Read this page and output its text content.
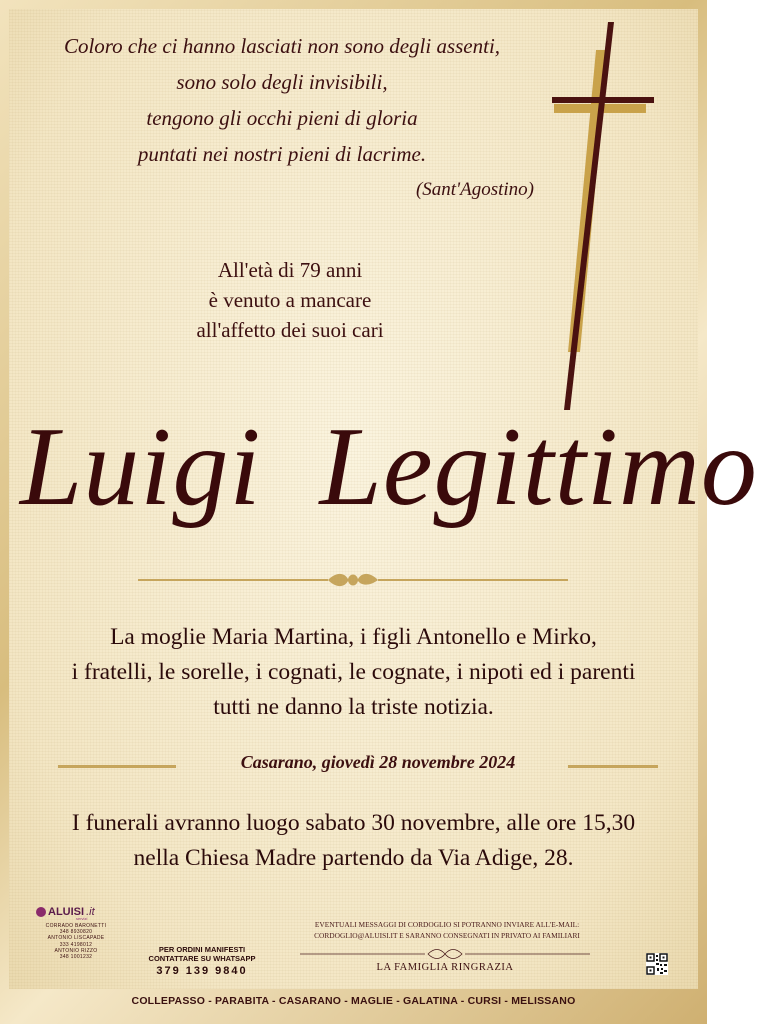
Coloro che ci hanno lasciati non sono degli assenti,
sono solo degli invisibili,
tengono gli occhi pieni di gloria
puntati nei nostri pieni di lacrime.
(Sant'Agostino)
All'età di 79 anni
è venuto a mancare
all'affetto dei suoi cari
Luigi Legittimo
La moglie Maria Martina, i figli Antonello e Mirko,
i fratelli, le sorelle, i cognati, le cognate, i nipoti ed i parenti
tutti ne danno la triste notizia.
Casarano, giovedì 28 novembre 2024
I funerali avranno luogo sabato 30 novembre, alle ore 15,30
nella Chiesa Madre partendo da Via Adige, 28.
ALUISI .it
servizi
CORRADO BARONETTI
348 8930820
ANTONIO LISCAPADE
333 4198012
ANTONIO RIZZO
348 1001232
PER ORDINI MANIFESTI
CONTATTARE SU WHATSAPP
379 139 9840
EVENTUALI MESSAGGI DI CORDOGLIO SI POTRANNO INVIARE ALL'E-MAIL:
CORDOGLIO@ALUISI.IT E SARANNO CONSEGNATI IN PRIVATO AI FAMILIARI
LA FAMIGLIA RINGRAZIA
COLLEPASSO - PARABITA - CASARANO - MAGLIE - GALATINA - CURSI - MELISSANO
